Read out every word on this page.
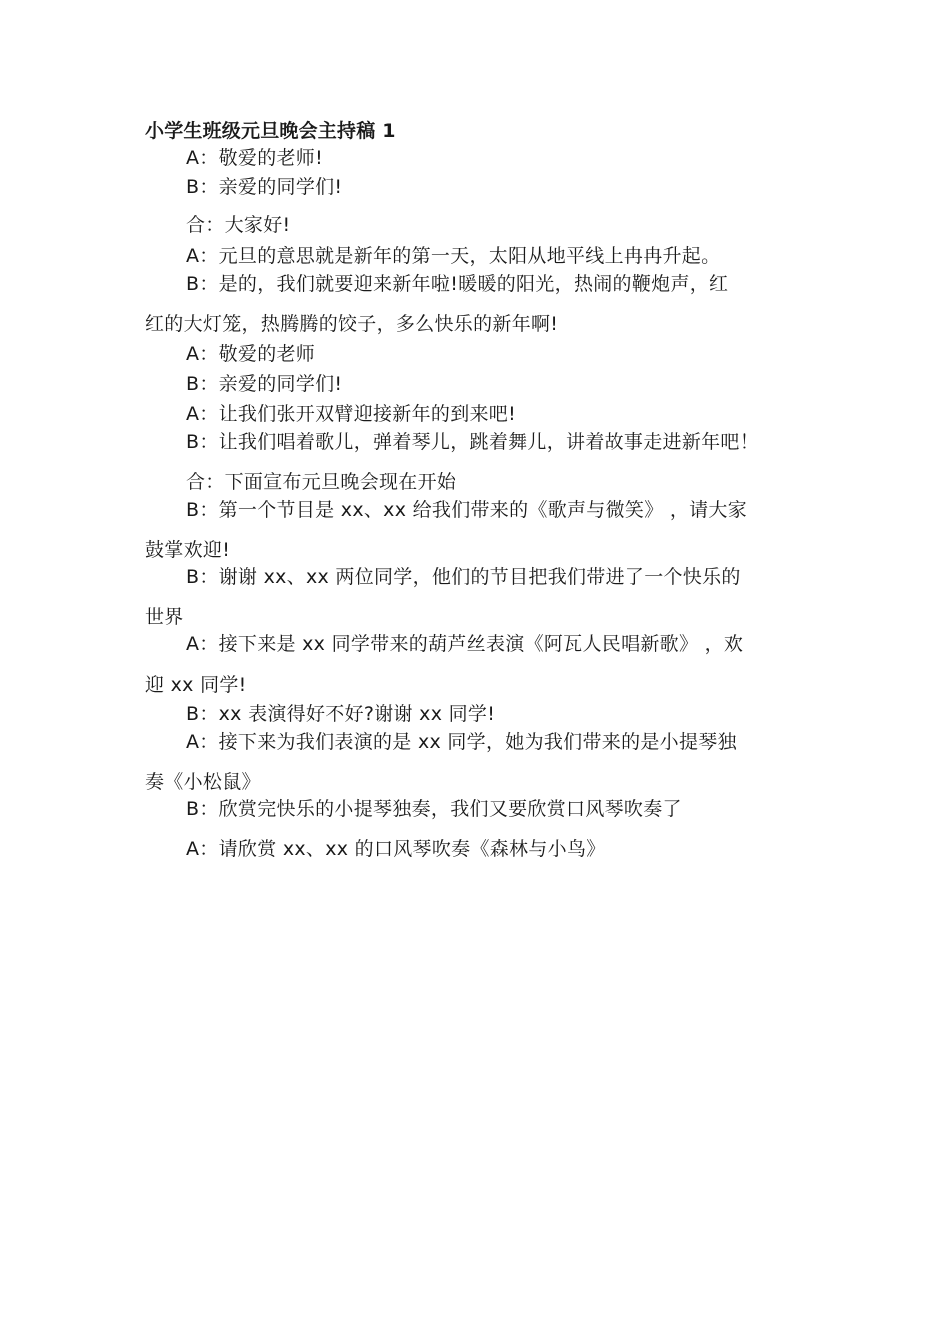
小学生班级元旦晚会主持稿 1
A：敬爱的老师!
B：亲爱的同学们!
合：大家好!
A：元旦的意思就是新年的第一天，太阳从地平线上冉冉升起。
B：是的，我们就要迎来新年啦!暖暖的阳光，热闹的鞭炮声，红
红的大灯笼，热腾腾的饺子，多么快乐的新年啊!
A：敬爱的老师
B：亲爱的同学们!
A：让我们张开双臂迎接新年的到来吧!
B：让我们唱着歌儿，弹着琴儿，跳着舞儿，讲着故事走进新年吧！
合：下面宣布元旦晚会现在开始
B：第一个节目是 xx、xx 给我们带来的《歌声与微笑》 ，请大家
鼓掌欢迎!
B：谢谢 xx、xx 两位同学，他们的节目把我们带进了一个快乐的
世界
A：接下来是 xx 同学带来的葫芦丝表演《阿瓦人民唱新歌》 ，欢
迎 xx 同学!
B：xx 表演得好不好?谢谢 xx 同学!
A：接下来为我们表演的是 xx 同学，她为我们带来的是小提琴独
奏《小松鼠》
B：欣赏完快乐的小提琴独奏，我们又要欣赏口风琴吹奏了
A：请欣赏 xx、xx 的口风琴吹奏《森林与小鸟》
